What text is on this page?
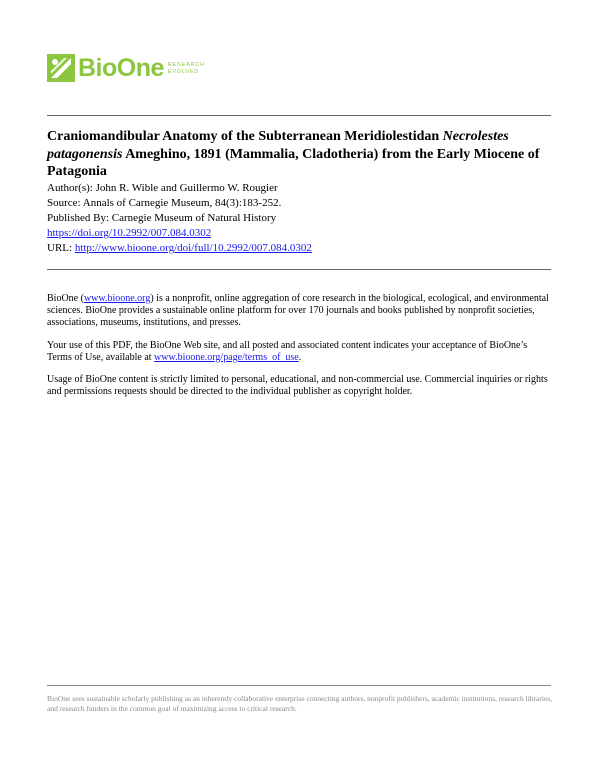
BioOne RESEARCH
EVOLVED
Craniomandibular Anatomy of the Subterranean Meridiolestidan Necrolestes patagonensis Ameghino, 1891 (Mammalia, Cladotheria) from the Early Miocene of Patagonia
Author(s): John R. Wible and Guillermo W. Rougier
Source: Annals of Carnegie Museum, 84(3):183-252.
Published By: Carnegie Museum of Natural History
https://doi.org/10.2992/007.084.0302
URL: http://www.bioone.org/doi/full/10.2992/007.084.0302

BioOne (www.bioone.org) is a nonprofit, online aggregation of core research in the biological, ecological, and environmental sciences. BioOne provides a sustainable online platform for over 170 journals and books published by nonprofit societies, associations, museums, institutions, and presses.

Your use of this PDF, the BioOne Web site, and all posted and associated content indicates your acceptance of BioOne’s Terms of Use, available at www.bioone.org/page/terms_of_use.

Usage of BioOne content is strictly limited to personal, educational, and non-commercial use. Commercial inquiries or rights and permissions requests should be directed to the individual publisher as copyright holder.

BioOne sees sustainable scholarly publishing as an inherently collaborative enterprise connecting authors, nonprofit publishers, academic institutions, research libraries, and research funders in the common goal of maximizing access to critical research.
